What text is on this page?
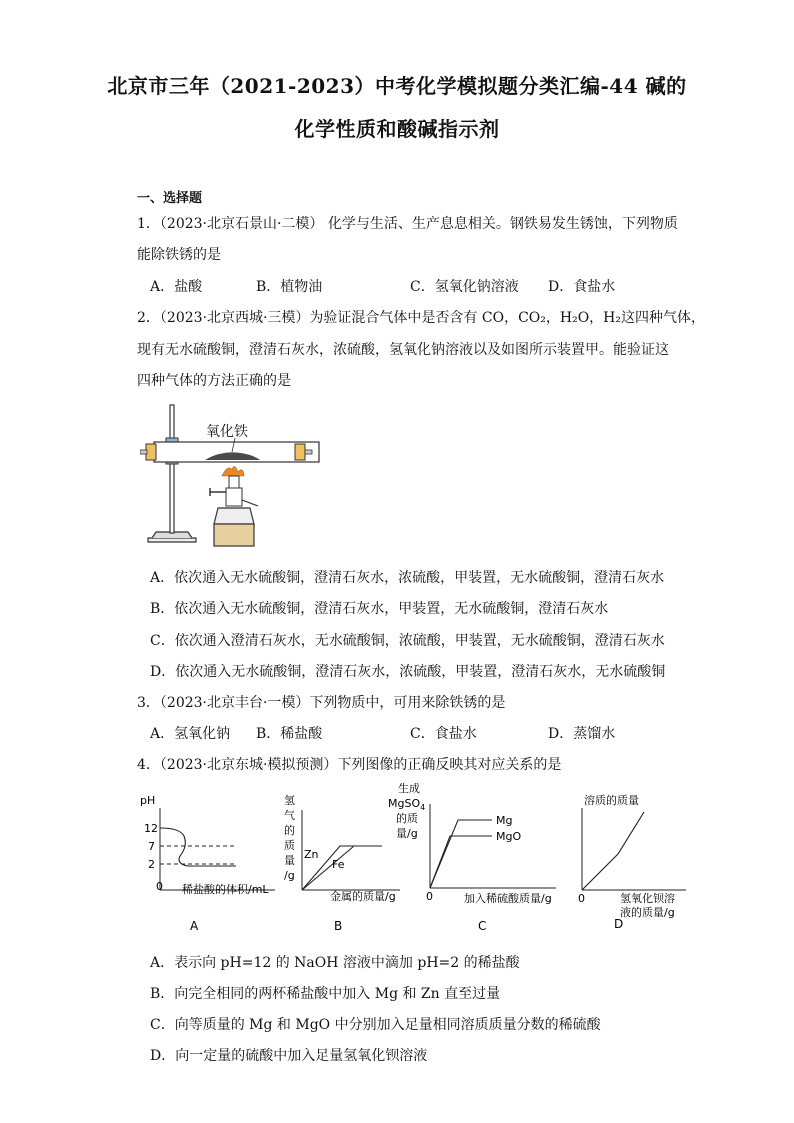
北京市三年（2021-2023）中考化学模拟题分类汇编-44 碱的
化学性质和酸碱指示剂
一、选择题
1．（2023·北京石景山·二模） 化学与生活、生产息息相关。钢铁易发生锈蚀，下列物质
能除铁锈的是
A．盐酸	B．植物油	C．氢氧化钠溶液 D．食盐水
2．（2023·北京西城·三模）为验证混合气体中是否含有 CO，CO₂，H₂O，H₂这四种气体，
现有无水硫酸铜，澄清石灰水，浓硫酸，氢氧化钠溶液以及如图所示装置甲。能验证这
四种气体的方法正确的是
氧化铁
A．依次通入无水硫酸铜，澄清石灰水，浓硫酸，甲装置，无水硫酸铜，澄清石灰水
B．依次通入无水硫酸铜，澄清石灰水，甲装置，无水硫酸铜，澄清石灰水
C．依次通入澄清石灰水，无水硫酸铜，浓硫酸，甲装置，无水硫酸铜，澄清石灰水
D．依次通入无水硫酸铜，澄清石灰水，浓硫酸，甲装置，澄清石灰水，无水硫酸铜
3．（2023·北京丰台·一模）下列物质中，可用来除铁锈的是
A．氢氧化钠 B．稀盐酸	C．食盐水	D．蒸馏水
4．（2023·北京东城·模拟预测）下列图像的正确反映其对应关系的是
pH
12
7
2
0 稀盐酸的体积/mL
A
氢气的质量/g
Zn
Fe
金属的质量/g
B
生成 MgSO$_4$ 的质量/g
Mg
MgO
0	加入稀硫酸质量/g
C
溶质的质量
0	氢氧化钡溶液的质量/g
D
A．表示向 pH=12 的 NaOH 溶液中滴加 pH=2 的稀盐酸
B．向完全相同的两杯稀盐酸中加入 Mg 和 Zn 直至过量
C．向等质量的 Mg 和 MgO 中分别加入足量相同溶质质量分数的稀硫酸
D．向一定量的硫酸中加入足量氢氧化钡溶液
